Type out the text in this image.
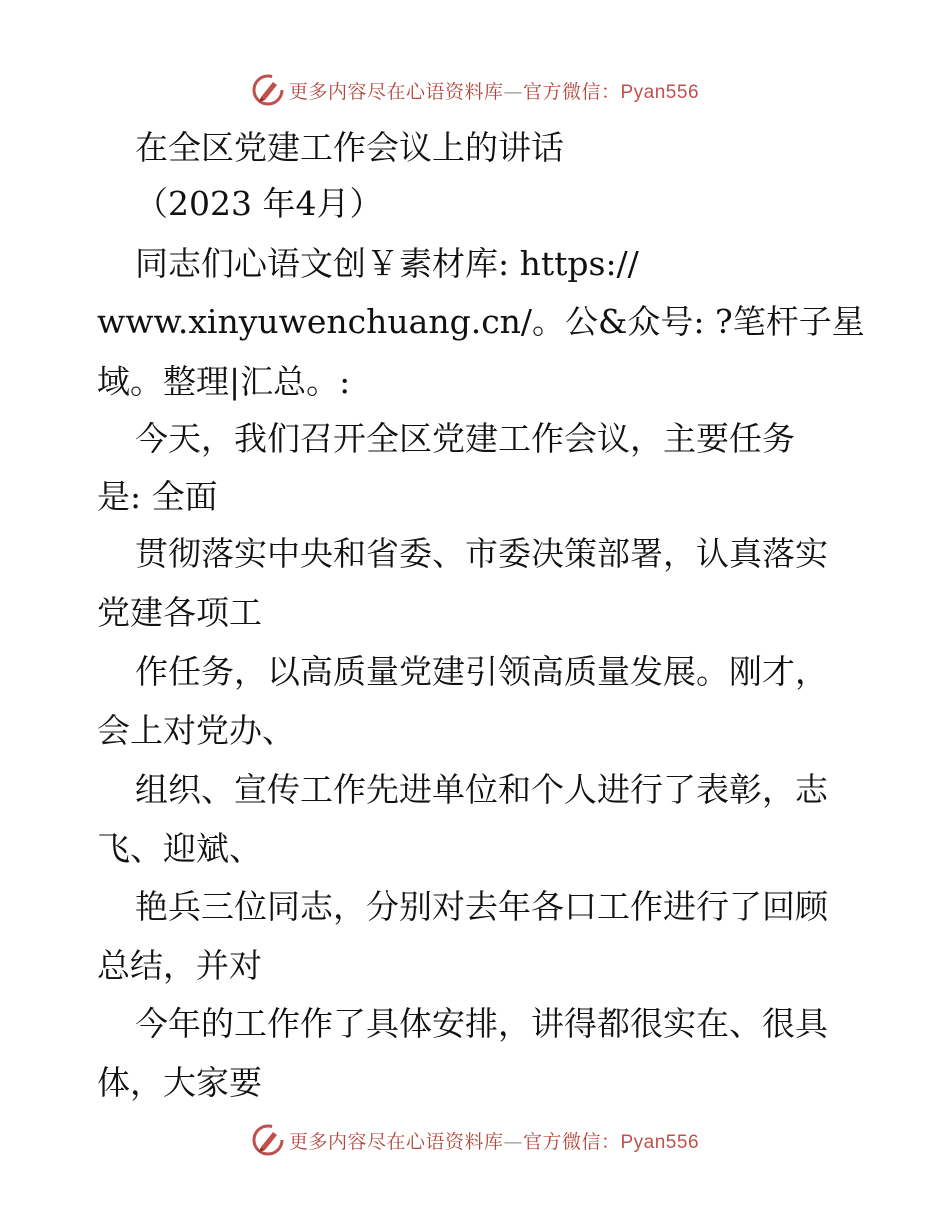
更多内容尽在心语资料库—官方微信：Pyan556
在全区党建工作会议上的讲话
（2023 年4月）
同志们心语文创￥素材库: https://
www.xinyuwenchuang.cn/。公&众号: ?笔杆子星
域。整理|汇总。:
今天，我们召开全区党建工作会议，主要任务
是: 全面
贯彻落实中央和省委、市委决策部署，认真落实
党建各项工
作任务，以高质量党建引领高质量发展。刚才，
会上对党办、
组织、宣传工作先进单位和个人进行了表彰，志
飞、迎斌、
艳兵三位同志，分别对去年各口工作进行了回顾
总结，并对
今年的工作作了具体安排，讲得都很实在、很具
体，大家要
更多内容尽在心语资料库—官方微信：Pyan556
